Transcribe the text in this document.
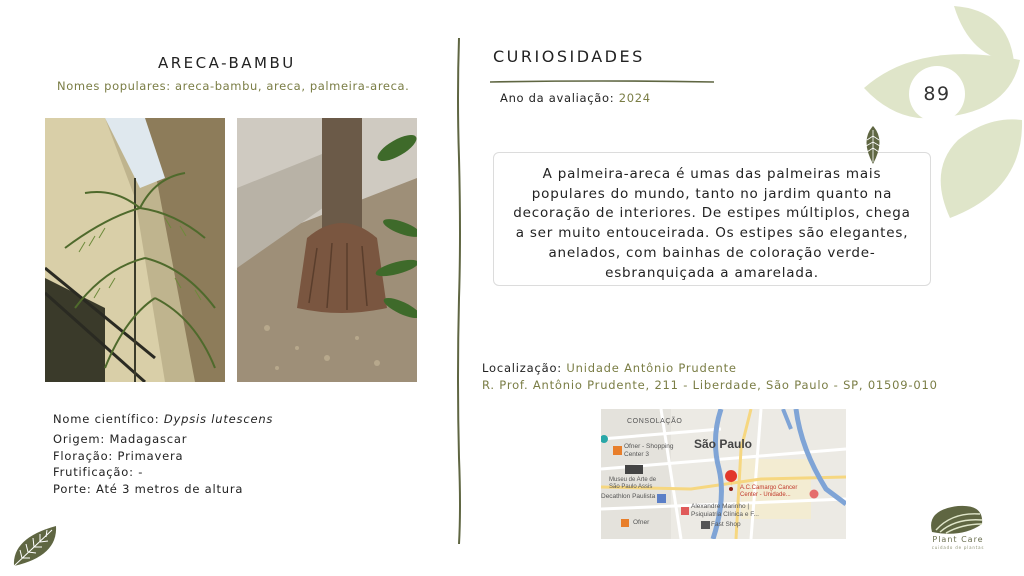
ARECA-BAMBU
Nomes populares: areca-bambu, areca, palmeira-areca.
Nome científico: Dypsis lutescens
Origem: Madagascar
Floração: Primavera
Frutificação: -
Porte: Até 3 metros de altura
CURIOSIDADES
Ano da avaliação: 2024
A palmeira-areca é umas das palmeiras mais populares do mundo, tanto no jardim quanto na decoração de interiores. De estipes múltiplos, chega a ser muito entouceirada. Os estipes são elegantes, anelados, com bainhas de coloração verde-esbranquiçada a amarelada.
89
Localização: Unidade Antônio Prudente
R. Prof. Antônio Prudente, 211 - Liberdade, São Paulo - SP, 01509-010
CONSOLAÇÃO
São Paulo
Ofner - Shopping
Center 3
Museu de Arte de
São Paulo Assis
Decathlon Paulista
Alexandre Marinho |
Psiquiatria Clínica e F...
A.C.Camargo Cancer
Center - Unidade...
Ofner	Fast Shop
Plant Care
cuidado de plantas
